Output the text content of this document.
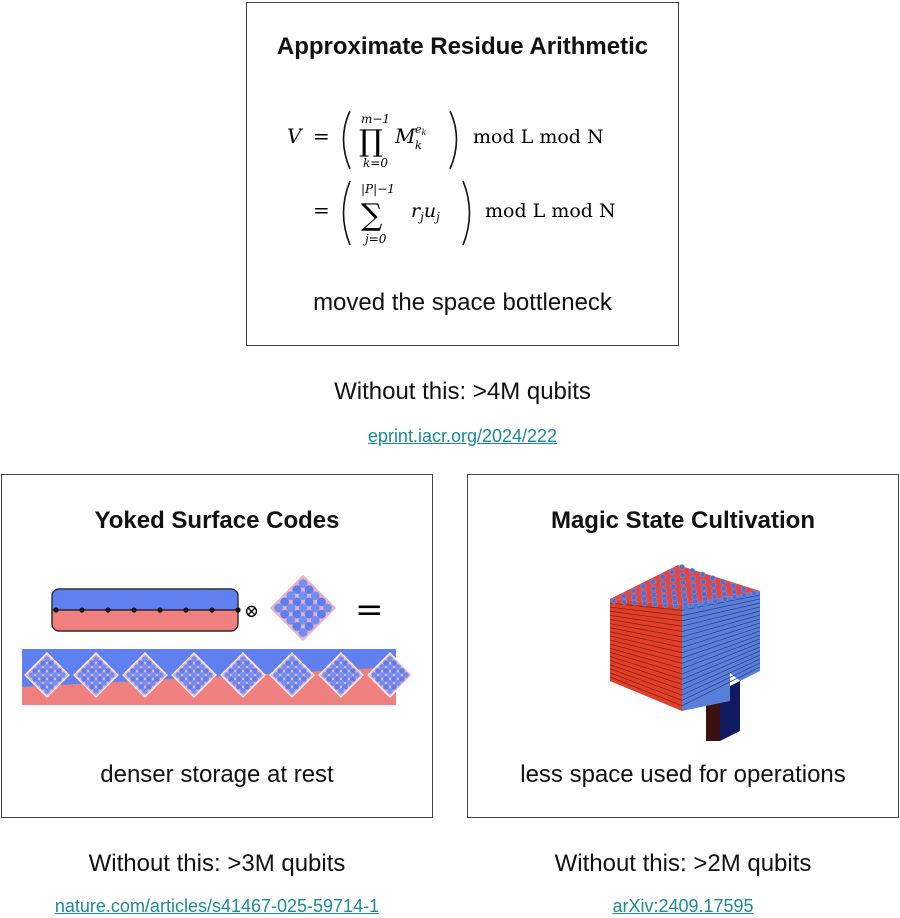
Approximate Residue Arithmetic
V =
m−1
∏
k=0
M ek
k	mod L mod N
=
|P|−1
∑
j=0
$r_ju_j$ mod L mod N
moved the space bottleneck
Without this: >4M qubits
eprint.iacr.org/2024/222
Yoked Surface Codes
⊗	=
denser storage at rest
Without this: >3M qubits
nature.com/articles/s41467-025-59714-1
Magic State Cultivation
less space used for operations
Without this: >2M qubits
arXiv:2409.17595
